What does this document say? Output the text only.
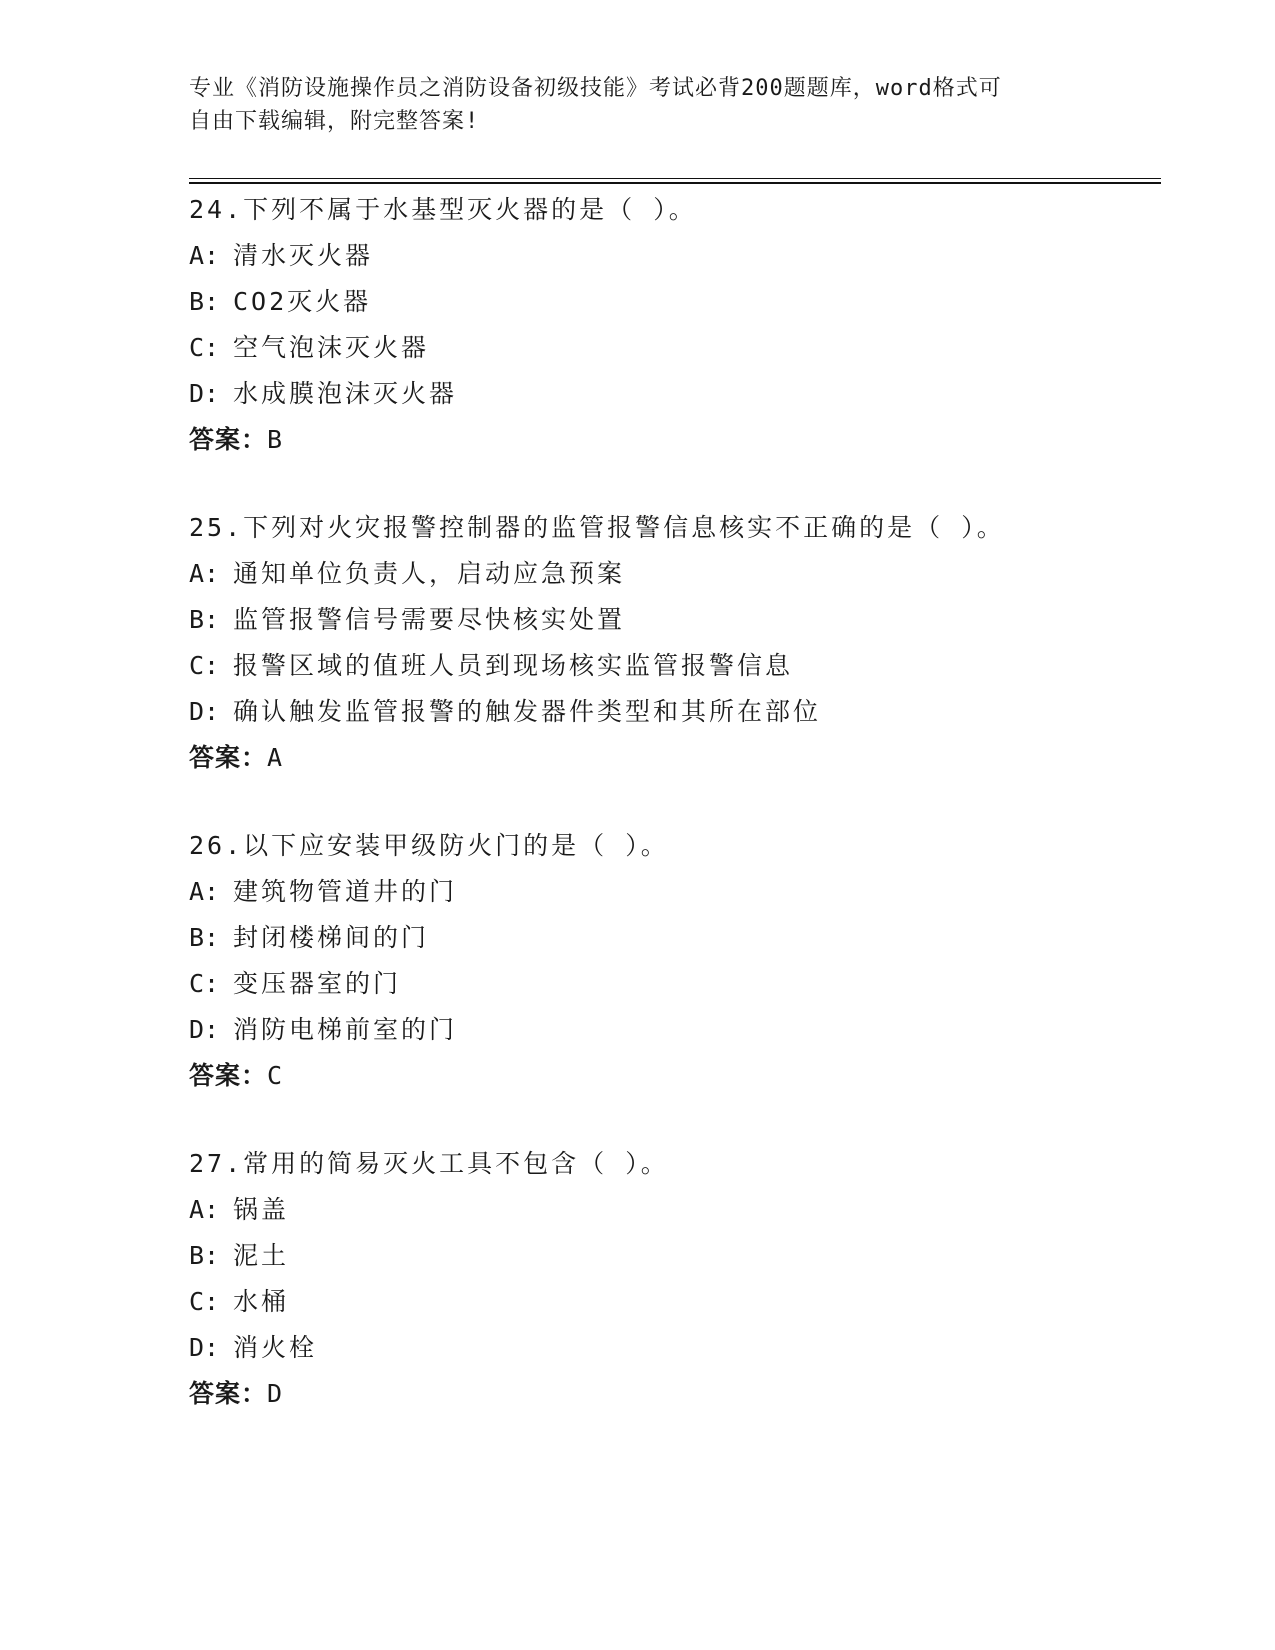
专业《消防设施操作员之消防设备初级技能》考试必背200题题库，word格式可
自由下载编辑，附完整答案!
24.下列不属于水基型灭火器的是（ ）。
A: 清水灭火器
B: CO2灭火器
C: 空气泡沫灭火器
D: 水成膜泡沫灭火器
答案：B
25.下列对火灾报警控制器的监管报警信息核实不正确的是（ ）。
A: 通知单位负责人，启动应急预案
B: 监管报警信号需要尽快核实处置
C: 报警区域的值班人员到现场核实监管报警信息
D: 确认触发监管报警的触发器件类型和其所在部位
答案：A
26.以下应安装甲级防火门的是（ ）。
A: 建筑物管道井的门
B: 封闭楼梯间的门
C: 变压器室的门
D: 消防电梯前室的门
答案：C
27.常用的简易灭火工具不包含（ ）。
A: 锅盖
B: 泥土
C: 水桶
D: 消火栓
答案：D
